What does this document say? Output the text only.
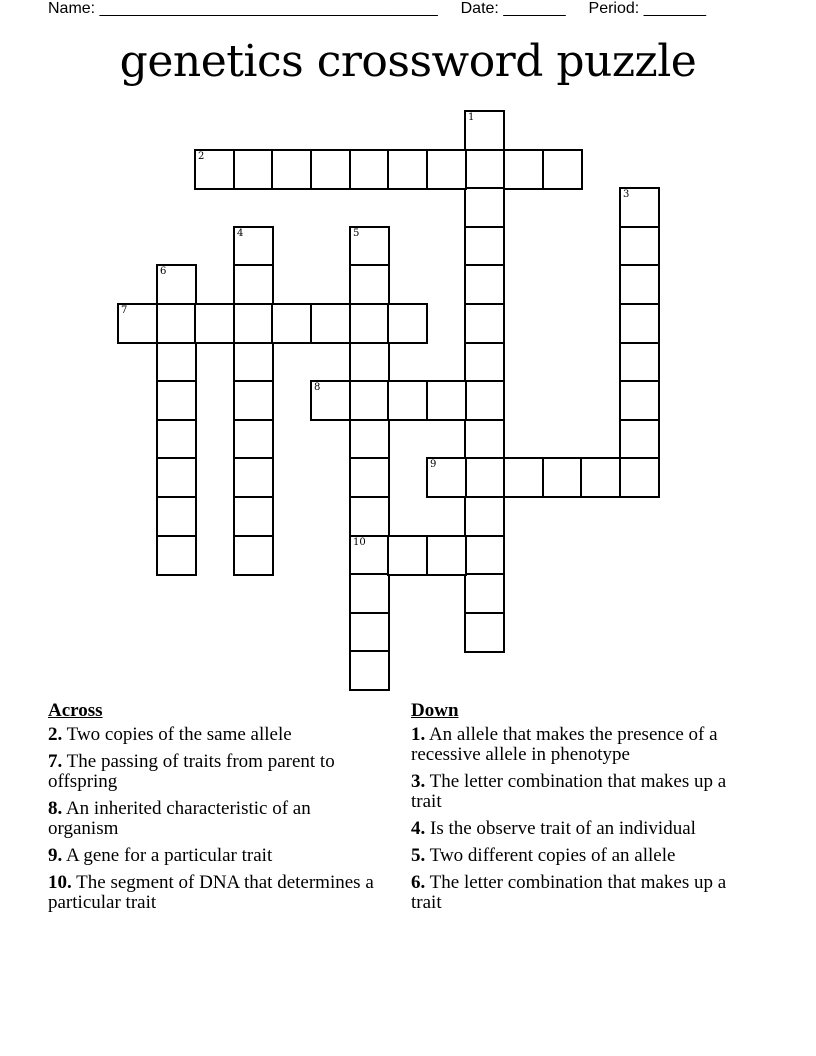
Name: ______________________________________ Date: _______ Period: _______
genetics crossword puzzle
1
2
3
4	5
10
6
7
8
9
Across
2. Two copies of the same allele
7. The passing of traits from parent to offspring
8. An inherited characteristic of an organism
9. A gene for a particular trait
10. The segment of DNA that determines a particular trait
Down
1. An allele that makes the presence of a recessive allele in phenotype
3. The letter combination that makes up a trait
4. Is the observe trait of an individual
5. Two different copies of an allele
6. The letter combination that makes up a trait
